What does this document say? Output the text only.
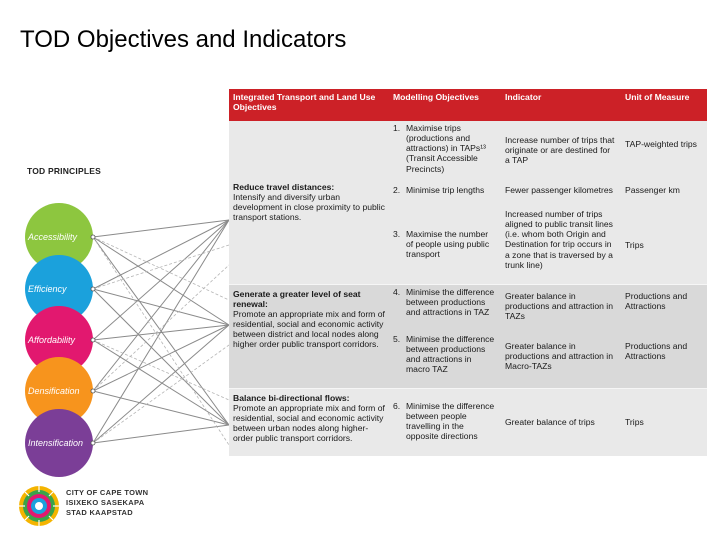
TOD Objectives and Indicators
TOD PRINCIPLES
Accessibility
Efficiency
Affordability
Densification
Intensification
Integrated Transport and Land Use Objectives	Modelling Objectives	Indicator	Unit of Measure
Reduce travel distances:
Intensify and diversify urban development in close proximity to public transport stations.	1. Maximise trips (productions and attractions) in TAPs¹³ (Transit Accessible Precincts)	Increase number of trips that originate or are destined for a TAP	TAP-weighted trips

	2. Minimise trip lengths	Fewer passenger kilometres	Passenger km

	3. Maximise the number of people using public transport	Increased number of trips aligned to public transit lines (i.e. whom both Origin and Destination for trip occurs in a zone that is traversed by a trunk line)	Trips
Generate a greater level of seat renewal:
Promote an appropriate mix and form of residential, social and economic activity between district and local nodes along higher order public transport corridors.	4. Minimise the difference between productions and attractions in TAZ	Greater balance in productions and attraction in TAZs	Productions and Attractions

	5. Minimise the difference between productions and attractions in macro TAZ	Greater balance in productions and attraction in Macro-TAZs	Productions and Attractions
Balance bi-directional flows:
Promote an appropriate mix and form of residential, social and economic activity between urban nodes along higher-order public transport corridors.	6. Minimise the difference between people travelling in the opposite directions	Greater balance of trips	Trips
CITY OF CAPE TOWN
ISIXEKO SASEKAPA
STAD KAAPSTAD
